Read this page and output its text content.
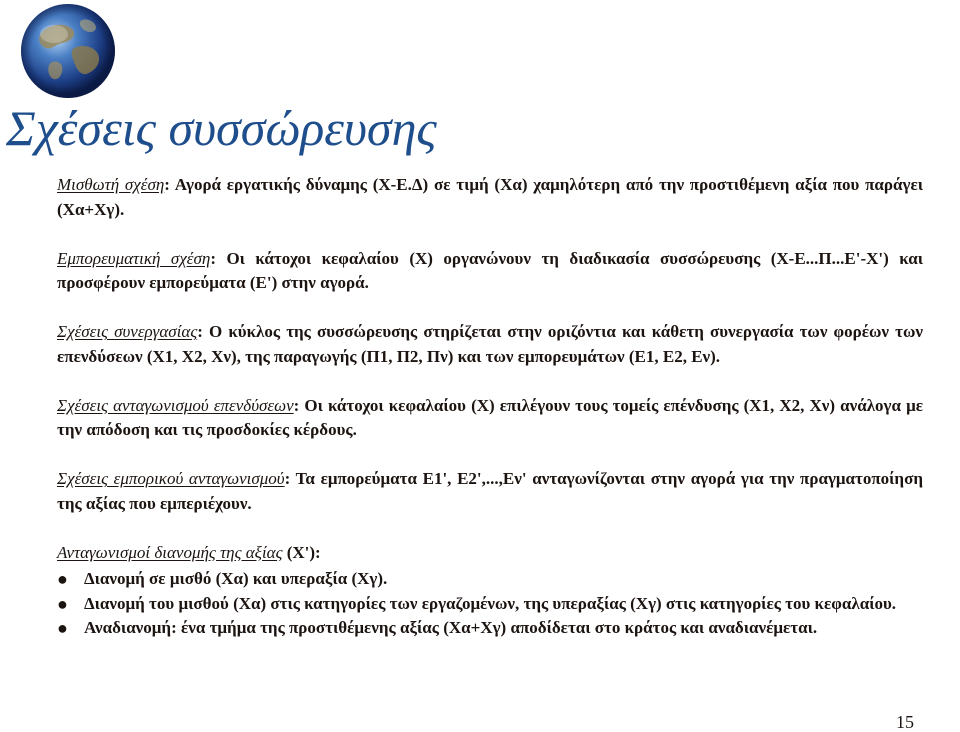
Σχέσεις συσσώρευσης

Μισθωτή σχέση: Αγορά εργατικής δύναμης (Χ-Ε.Δ) σε τιμή (Χα) χαμηλότερη από την προστιθέμενη αξία που παράγει (Χα+Χγ).

Εμπορευματική σχέση: Οι κάτοχοι κεφαλαίου (Χ) οργανώνουν τη διαδικασία συσσώρευσης (Χ-Ε...Π...Ε'-Χ') και προσφέρουν εμπορεύματα (Ε') στην αγορά.

Σχέσεις συνεργασίας: Ο κύκλος της συσσώρευσης στηρίζεται στην οριζόντια και κάθετη συνεργασία των φορέων των επενδύσεων (Χ1, Χ2, Χν), της παραγωγής (Π1, Π2, Πν) και των εμπορευμάτων (Ε1, Ε2, Εν).

Σχέσεις ανταγωνισμού επενδύσεων: Οι κάτοχοι κεφαλαίου (Χ) επιλέγουν τους τομείς επένδυσης (Χ1, Χ2, Χν) ανάλογα με την απόδοση και τις προσδοκίες κέρδους.

Σχέσεις εμπορικού ανταγωνισμού: Τα εμπορεύματα Ε1', Ε2',...,Εν' ανταγωνίζονται στην αγορά για την πραγματοποίηση της αξίας που εμπεριέχουν.

Ανταγωνισμοί διανομής της αξίας (Χ'):

● Διανομή σε μισθό (Χα) και υπεραξία (Χγ).
● Διανομή του μισθού (Χα) στις κατηγορίες των εργαζομένων, της υπεραξίας (Χγ) στις κατηγορίες του κεφαλαίου.
● Αναδιανομή: ένα τμήμα της προστιθέμενης αξίας (Χα+Χγ) αποδίδεται στο κράτος και αναδιανέμεται.
15
